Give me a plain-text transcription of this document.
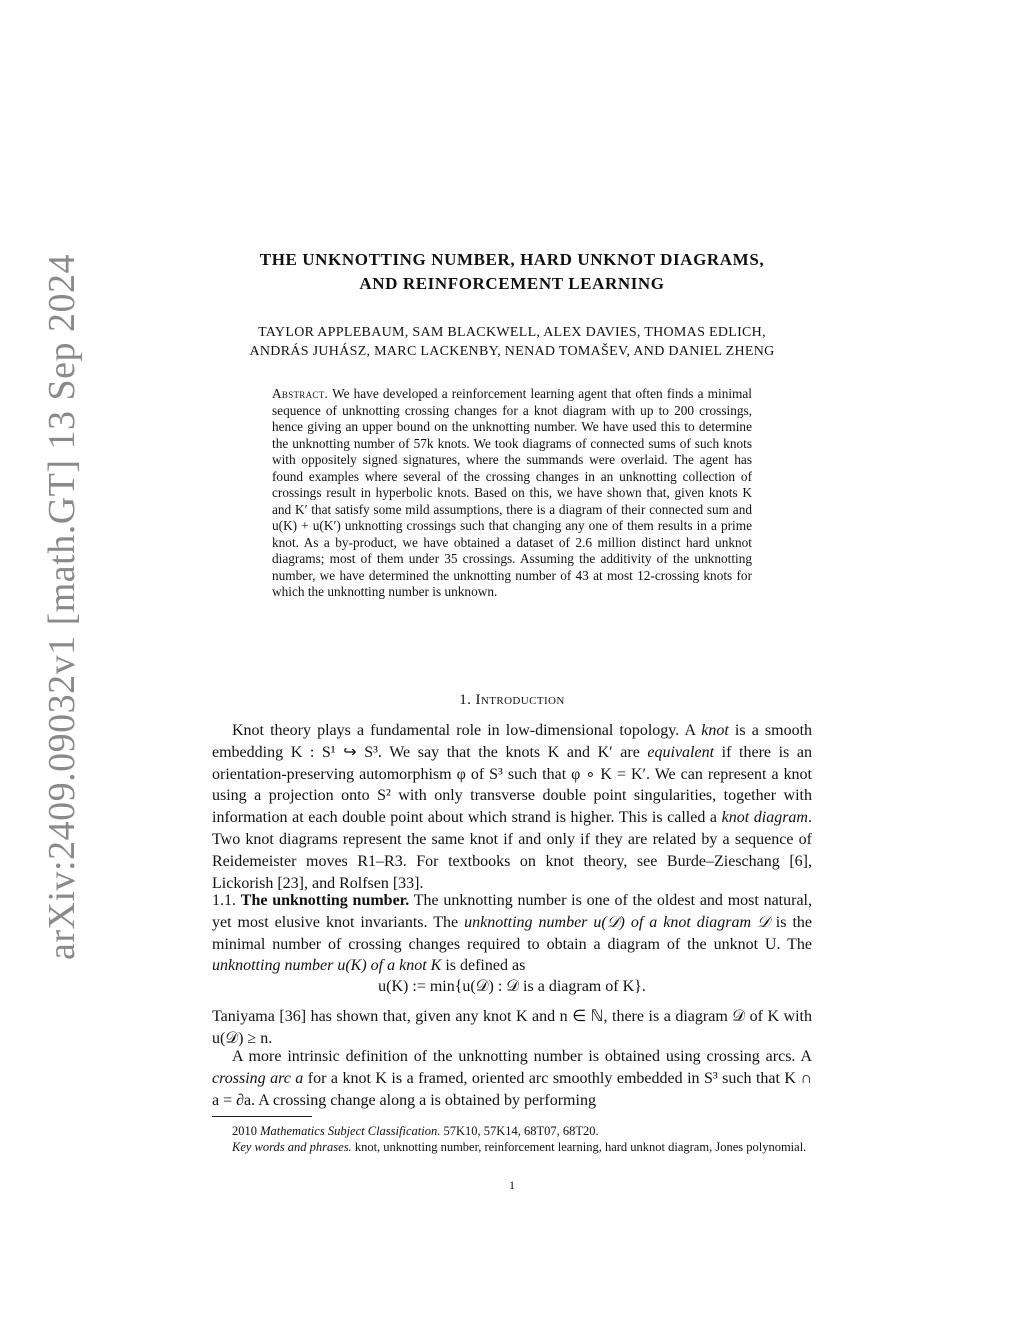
arXiv:2409.09032v1 [math.GT] 13 Sep 2024	THE UNKNOTTING NUMBER, HARD UNKNOT DIAGRAMS,
AND REINFORCEMENT LEARNING
TAYLOR APPLEBAUM, SAM BLACKWELL, ALEX DAVIES, THOMAS EDLICH,
ANDRÁS JUHÁSZ, MARC LACKENBY, NENAD TOMAŠEV, AND DANIEL ZHENG
Abstract. We have developed a reinforcement learning agent that often finds a minimal sequence of unknotting crossing changes for a knot diagram with up to 200 crossings, hence giving an upper bound on the unknotting number. We have used this to determine the unknotting number of 57k knots. We took diagrams of connected sums of such knots with oppositely signed signatures, where the summands were overlaid. The agent has found examples where several of the crossing changes in an unknotting collection of crossings result in hyperbolic knots. Based on this, we have shown that, given knots K and K′ that satisfy some mild assumptions, there is a diagram of their connected sum and u(K) + u(K′) unknotting crossings such that changing any one of them results in a prime knot. As a by-product, we have obtained a dataset of 2.6 million distinct hard unknot diagrams; most of them under 35 crossings. Assuming the additivity of the unknotting number, we have determined the unknotting number of 43 at most 12-crossing knots for which the unknotting number is unknown.
1. Introduction

Knot theory plays a fundamental role in low-dimensional topology. A knot is a smooth embedding K : S¹ ↪ S³. We say that the knots K and K′ are equivalent if there is an orientation-preserving automorphism φ of S³ such that φ ∘ K = K′. We can represent a knot using a projection onto S² with only transverse double point singularities, together with information at each double point about which strand is higher. This is called a knot diagram. Two knot diagrams represent the same knot if and only if they are related by a sequence of Reidemeister moves R1–R3. For textbooks on knot theory, see Burde–Zieschang [6], Lickorish [23], and Rolfsen [33].

1.1. The unknotting number. The unknotting number is one of the oldest and most natural, yet most elusive knot invariants. The unknotting number u(𝒟) of a knot diagram 𝒟 is the minimal number of crossing changes required to obtain a diagram of the unknot U. The unknotting number u(K) of a knot K is defined as

u(K) := min{u(𝒟) : 𝒟 is a diagram of K}.

Taniyama [36] has shown that, given any knot K and n ∈ ℕ, there is a diagram 𝒟 of K with u(𝒟) ≥ n.

A more intrinsic definition of the unknotting number is obtained using crossing arcs. A crossing arc a for a knot K is a framed, oriented arc smoothly embedded in S³ such that K ∩ a = ∂a. A crossing change along a is obtained by performing

2010 Mathematics Subject Classification. 57K10, 57K14, 68T07, 68T20.

Key words and phrases. knot, unknotting number, reinforcement learning, hard unknot diagram, Jones polynomial.

1
